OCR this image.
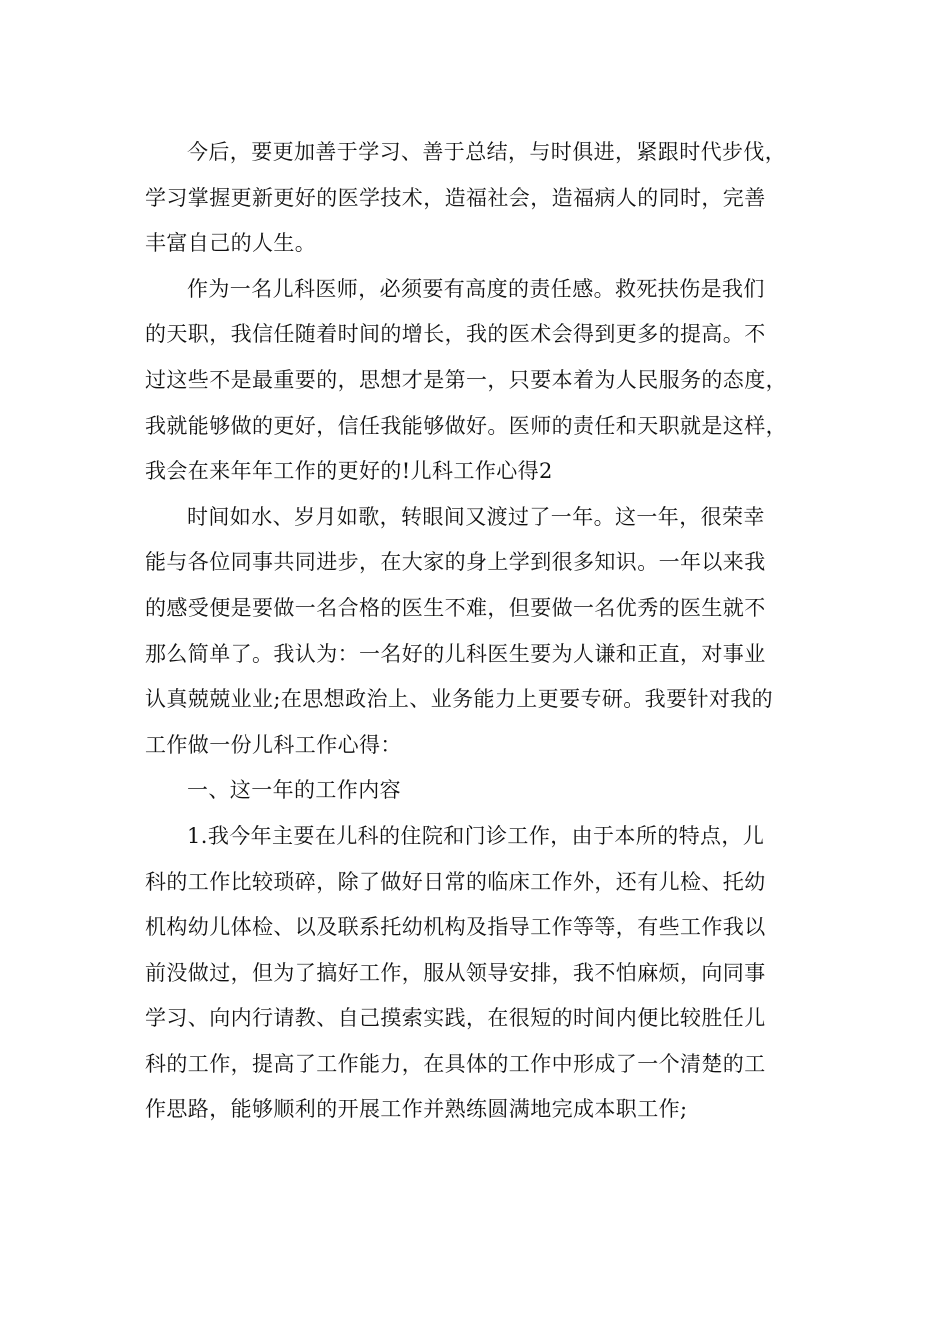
今后，要更加善于学习、善于总结，与时俱进，紧跟时代步伐，
学习掌握更新更好的医学技术，造福社会，造福病人的同时，完善
丰富自己的人生。

作为一名儿科医师，必须要有高度的责任感。救死扶伤是我们
的天职，我信任随着时间的增长，我的医术会得到更多的提高。不
过这些不是最重要的，思想才是第一，只要本着为人民服务的态度，
我就能够做的更好，信任我能够做好。医师的责任和天职就是这样，
我会在来年年工作的更好的!儿科工作心得2

时间如水、岁月如歌，转眼间又渡过了一年。这一年，很荣幸
能与各位同事共同进步，在大家的身上学到很多知识。一年以来我
的感受便是要做一名合格的医生不难，但要做一名优秀的医生就不
那么简单了。我认为：一名好的儿科医生要为人谦和正直，对事业
认真兢兢业业;在思想政治上、业务能力上更要专研。我要针对我的
工作做一份儿科工作心得：

一、这一年的工作内容

1.我今年主要在儿科的住院和门诊工作，由于本所的特点，儿
科的工作比较琐碎，除了做好日常的临床工作外，还有儿检、托幼
机构幼儿体检、以及联系托幼机构及指导工作等等，有些工作我以
前没做过，但为了搞好工作，服从领导安排，我不怕麻烦，向同事
学习、向内行请教、自己摸索实践，在很短的时间内便比较胜任儿
科的工作，提高了工作能力，在具体的工作中形成了一个清楚的工
作思路，能够顺利的开展工作并熟练圆满地完成本职工作;
